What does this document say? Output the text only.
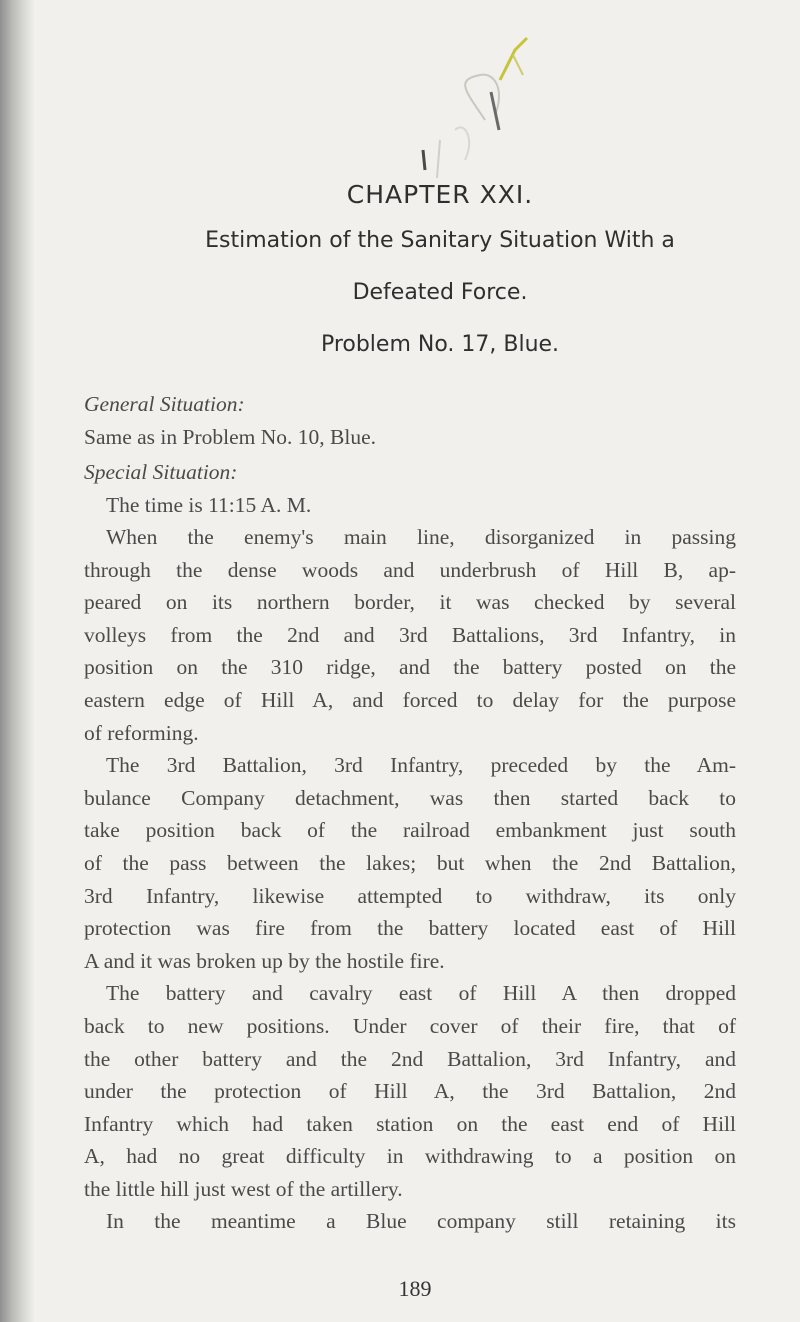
CHAPTER XXI.
Estimation of the Sanitary Situation With a
Defeated Force.
Problem No. 17, Blue.
General Situation:
Same as in Problem No. 10, Blue.
Special Situation:
The time is 11:15 A. M.
When the enemy's main line, disorganized in passing
through the dense woods and underbrush of Hill B, ap-
peared on its northern border, it was checked by several
volleys from the 2nd and 3rd Battalions, 3rd Infantry, in
position on the 310 ridge, and the battery posted on the
eastern edge of Hill A, and forced to delay for the purpose
of reforming.
The 3rd Battalion, 3rd Infantry, preceded by the Am-
bulance Company detachment, was then started back to
take position back of the railroad embankment just south
of the pass between the lakes; but when the 2nd Battalion,
3rd Infantry, likewise attempted to withdraw, its only
protection was fire from the battery located east of Hill
A and it was broken up by the hostile fire.
The battery and cavalry east of Hill A then dropped
back to new positions. Under cover of their fire, that of
the other battery and the 2nd Battalion, 3rd Infantry, and
under the protection of Hill A, the 3rd Battalion, 2nd
Infantry which had taken station on the east end of Hill
A, had no great difficulty in withdrawing to a position on
the little hill just west of the artillery.
In the meantime a Blue company still retaining its
189
